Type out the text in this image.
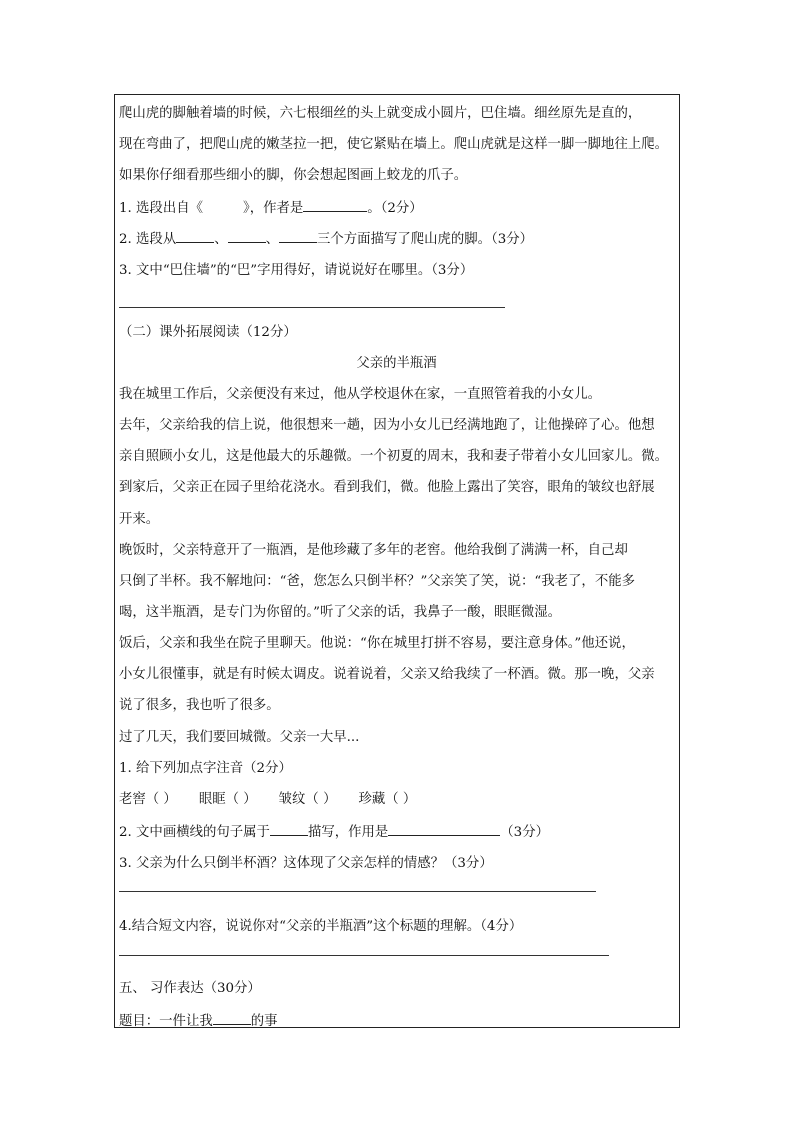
爬山虎的脚触着墙的时候，六七根细丝的头上就变成小圆片，巴住墙。细丝原先是直的，
现在弯曲了，把爬山虎的嫩茎拉一把，使它紧贴在墙上。爬山虎就是这样一脚一脚地往上爬。
如果你仔细看那些细小的脚，你会想起图画上蛟龙的爪子。
1. 选段出自《	》，作者是	。（2分）
2. 选段从	、	、	三个方面描写了爬山虎的脚。（3分）
3. 文中“巴住墙”的“巴”字用得好，请说说好在哪里。（3分）
（二）课外拓展阅读（12分）
父亲的半瓶酒
我在城里工作后，父亲便没有来过，他从学校退休在家，一直照管着我的小女儿。
去年，父亲给我的信上说，他很想来一趟，因为小女儿已经满地跑了，让他操碎了心。他想
亲自照顾小女儿，这是他最大的乐趣微。一个初夏的周末，我和妻子带着小女儿回家儿。微。
到家后，父亲正在园子里给花浇水。看到我们，微。他脸上露出了笑容，眼角的皱纹也舒展
开来。
晚饭时，父亲特意开了一瓶酒，是他珍藏了多年的老窖。他给我倒了满满一杯，自己却
只倒了半杯。我不解地问：“爸，您怎么只倒半杯？”父亲笑了笑，说：“我老了，不能多
喝，这半瓶酒，是专门为你留的。”听了父亲的话，我鼻子一酸，眼眶微湿。
饭后，父亲和我坐在院子里聊天。他说：“你在城里打拼不容易，要注意身体。”他还说，
小女儿很懂事，就是有时候太调皮。说着说着，父亲又给我续了一杯酒。微。那一晚，父亲
说了很多，我也听了很多。
过了几天，我们要回城微。父亲一大早...
1. 给下列加点字注音（2分）
老窖（ ） 眼眶（ ） 皱纹（ ） 珍藏（ ）
2. 文中画横线的句子属于	描写，作用是	（3分）
3. 父亲为什么只倒半杯酒？这体现了父亲怎样的情感？（3分）
4.结合短文内容，说说你对“父亲的半瓶酒”这个标题的理解。（4分）
五、 习作表达（30分）
题目：一件让我	的事
